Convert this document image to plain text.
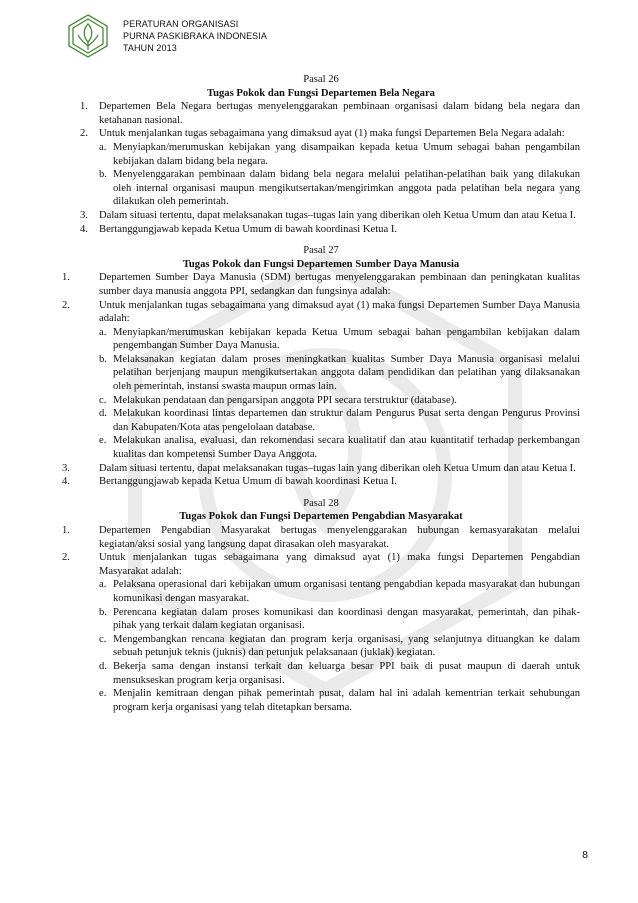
PERATURAN ORGANISASI
PURNA PASKIBRAKA INDONESIA
TAHUN 2013
Pasal 26
Tugas Pokok dan Fungsi Departemen Bela Negara
1. Departemen Bela Negara bertugas menyelenggarakan pembinaan organisasi dalam bidang bela negara dan ketahanan nasional.
2. Untuk menjalankan tugas sebagaimana yang dimaksud ayat (1) maka fungsi Departemen Bela Negara adalah:
a. Menyiapkan/merumuskan kebijakan yang disampaikan kepada ketua Umum sebagai bahan pengambilan kebijakan dalam bidang bela negara.
b. Menyelenggarakan pembinaan dalam bidang bela negara melalui pelatihan-pelatihan baik yang dilakukan oleh internal organisasi maupun mengikutsertakan/mengirimkan anggota pada pelatihan bela negara yang dilakukan oleh pemerintah.
3. Dalam situasi tertentu, dapat melaksanakan tugas–tugas lain yang diberikan oleh Ketua Umum dan atau Ketua I.
4. Bertanggungjawab kepada Ketua Umum di bawah koordinasi Ketua I.
Pasal 27
Tugas Pokok dan Fungsi Departemen Sumber Daya Manusia
1.	Departemen Sumber Daya Manusia (SDM) bertugas menyelenggarakan pembinaan dan peningkatan kualitas sumber daya manusia anggota PPI, sedangkan dan fungsinya adalah:
2.	Untuk menjalankan tugas sebagaimana yang dimaksud ayat (1) maka fungsi Departemen Sumber Daya Manusia adalah:
a. Menyiapkan/merumuskan kebijakan kepada Ketua Umum sebagai bahan pengambilan kebijakan dalam pengembangan Sumber Daya Manusia.
b. Melaksanakan kegiatan dalam proses meningkatkan kualitas Sumber Daya Manusia organisasi melalui pelatihan berjenjang maupun mengikutsertakan anggota dalam pendidikan dan pelatihan yang dilaksanakan oleh pemerintah, instansi swasta maupun ormas lain.
c. Melakukan pendataan dan pengarsipan anggota PPI secara terstruktur (database).
d. Melakukan koordinasi lintas departemen dan struktur dalam Pengurus Pusat serta dengan Pengurus Provinsi dan Kabupaten/Kota atas pengelolaan database.
e. Melakukan analisa, evaluasi, dan rekomendasi secara kualitatif dan atau kuantitatif terhadap perkembangan kualitas dan kompetensi Sumber Daya Anggota.
3.	Dalam situasi tertentu, dapat melaksanakan tugas–tugas lain yang diberikan oleh Ketua Umum dan atau Ketua I.
4.	Bertanggungjawab kepada Ketua Umum di bawah koordinasi Ketua I.
Pasal 28
Tugas Pokok dan Fungsi Departemen Pengabdian Masyarakat
1.	Departemen Pengabdian Masyarakat bertugas menyelenggarakan hubungan kemasyarakatan melalui kegiatan/aksi sosial yang langsung dapat dirasakan oleh masyarakat.
2.	Untuk menjalankan tugas sebagaimana yang dimaksud ayat (1) maka fungsi Departemen Pengabdian Masyarakat adalah:
a. Pelaksana operasional dari kebijakan umum organisasi tentang pengabdian kepada masyarakat dan hubungan komunikasi dengan masyarakat.
b. Perencana kegiatan dalam proses komunikasi dan koordinasi dengan masyarakat, pemerintah, dan pihak-pihak yang terkait dalam kegiatan organisasi.
c. Mengembangkan rencana kegiatan dan program kerja organisasi, yang selanjutnya dituangkan ke dalam sebuah petunjuk teknis (juknis) dan petunjuk pelaksanaan (juklak) kegiatan.
d. Bekerja sama dengan instansi terkait dan keluarga besar PPI baik di pusat maupun di daerah untuk mensukseskan program kerja organisasi.
e. Menjalin kemitraan dengan pihak pemerintah pusat, dalam hal ini adalah kementrian terkait sehubungan program kerja organisasi yang telah ditetapkan bersama.
8
